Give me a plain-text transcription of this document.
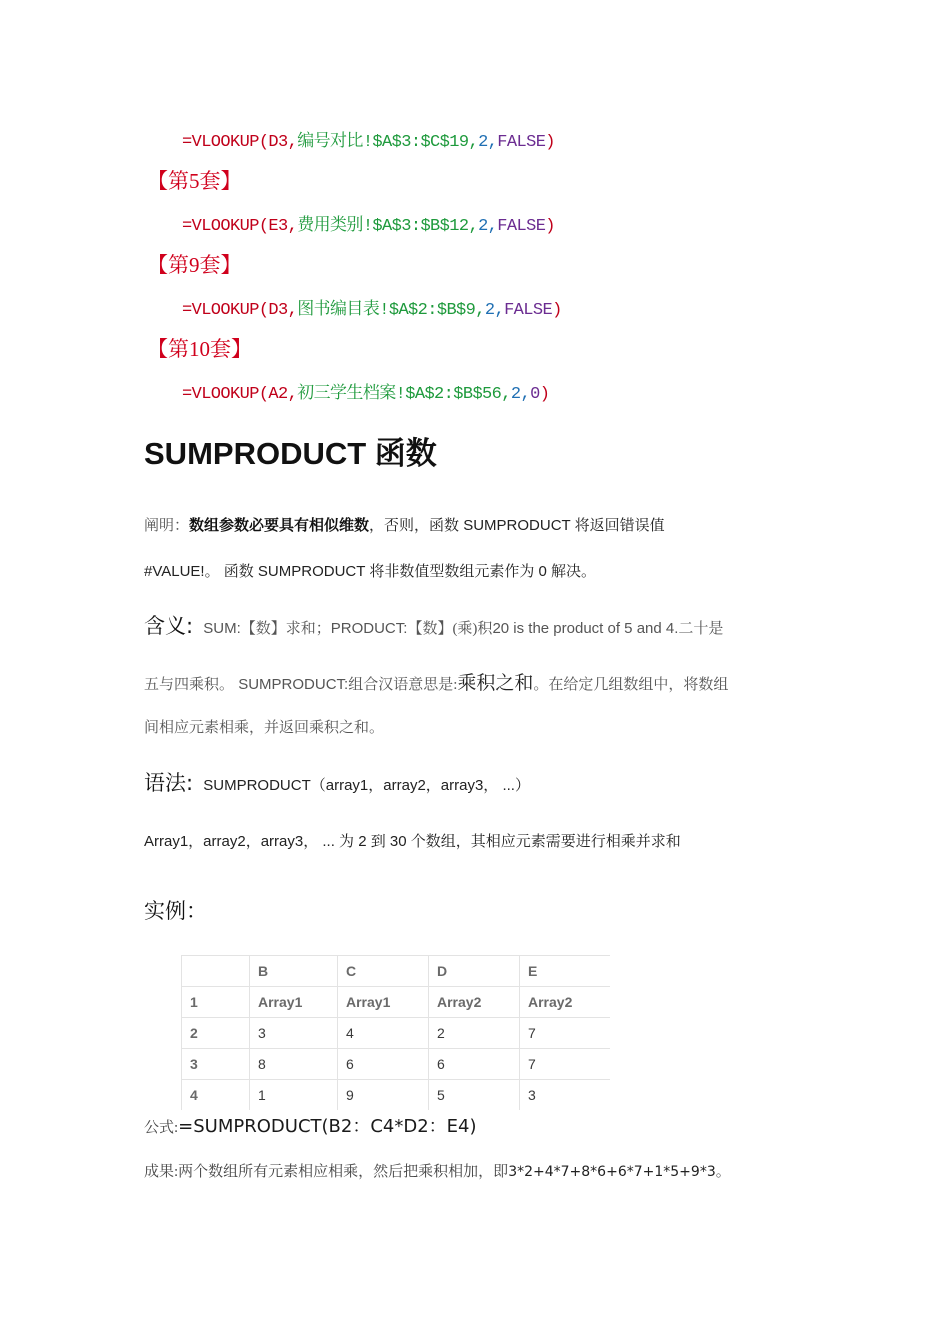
=VLOOKUP(D3,编号对比!$A$3:$C$19,2,FALSE)
【第5套】
=VLOOKUP(E3,费用类别!$A$3:$B$12,2,FALSE)
【第9套】
=VLOOKUP(D3,图书编目表!$A$2:$B$9,2,FALSE)
【第10套】
=VLOOKUP(A2,初三学生档案!$A$2:$B$56,2,0)
SUMPRODUCT 函数
阐明：数组参数必要具有相似维数，否则，函数 SUMPRODUCT 将返回错误值
#VALUE!。 函数 SUMPRODUCT 将非数值型数组元素作为 0 解决。
含义: SUM:【数】求和；PRODUCT:【数】(乘)积20 is the product of 5 and 4.二十是
五与四乘积。 SUMPRODUCT:组合汉语意思是:乘积之和。在给定几组数组中，将数组
间相应元素相乘，并返回乘积之和。
语法: SUMPRODUCT（array1，array2，array3， ...）
Array1，array2，array3， ... 为 2 到 30 个数组，其相应元素需要进行相乘并求和
实例：
	B	C	D	E
1	Array1	Array1	Array2	Array2
2	3	4	2	7
3	8	6	6	7
4	1	9	5	3
公式:=SUMPRODUCT(B2：C4*D2：E4)
成果:两个数组所有元素相应相乘，然后把乘积相加，即3*2+4*7+8*6+6*7+1*5+9*3。
